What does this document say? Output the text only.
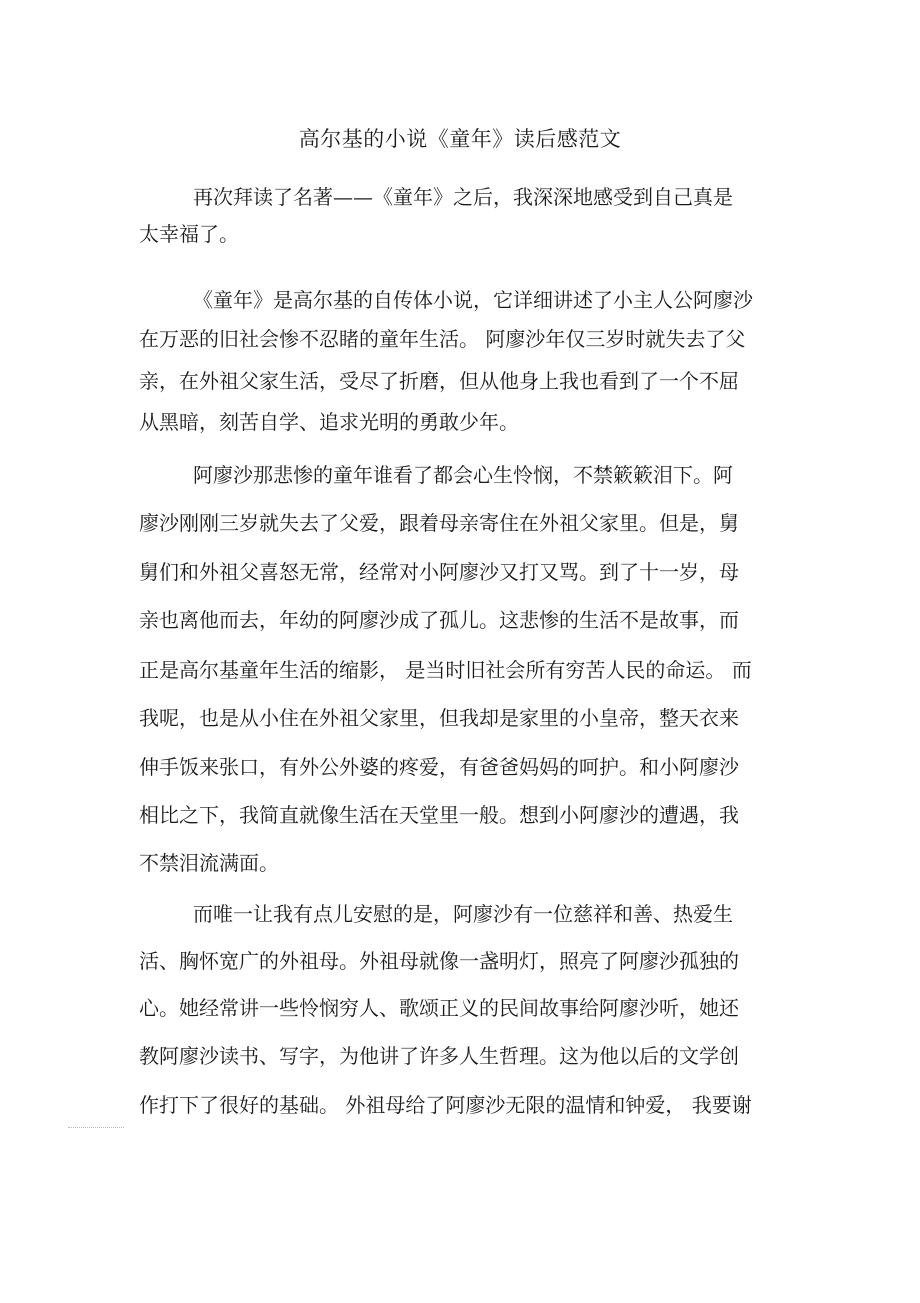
高尔基的小说《童年》读后感范文
再次拜读了名著——《童年》之后，我深深地感受到自己真是
太幸福了。
《童年》是高尔基的自传体小说，它详细讲述了小主人公阿廖沙
在万恶的旧社会惨不忍睹的童年生活。 阿廖沙年仅三岁时就失去了父
亲，在外祖父家生活，受尽了折磨，但从他身上我也看到了一个不屈
从黑暗，刻苦自学、追求光明的勇敢少年。
阿廖沙那悲惨的童年谁看了都会心生怜悯，不禁簌簌泪下。阿
廖沙刚刚三岁就失去了父爱，跟着母亲寄住在外祖父家里。但是，舅
舅们和外祖父喜怒无常，经常对小阿廖沙又打又骂。到了十一岁，母
亲也离他而去，年幼的阿廖沙成了孤儿。这悲惨的生活不是故事，而
正是高尔基童年生活的缩影， 是当时旧社会所有穷苦人民的命运。 而
我呢，也是从小住在外祖父家里，但我却是家里的小皇帝，整天衣来
伸手饭来张口，有外公外婆的疼爱，有爸爸妈妈的呵护。和小阿廖沙
相比之下，我简直就像生活在天堂里一般。想到小阿廖沙的遭遇，我
不禁泪流满面。
而唯一让我有点儿安慰的是，阿廖沙有一位慈祥和善、热爱生
活、胸怀宽广的外祖母。外祖母就像一盏明灯，照亮了阿廖沙孤独的
心。她经常讲一些怜悯穷人、歌颂正义的民间故事给阿廖沙听，她还
教阿廖沙读书、写字，为他讲了许多人生哲理。这为他以后的文学创
作打下了很好的基础。 外祖母给了阿廖沙无限的温情和钟爱， 我要谢
